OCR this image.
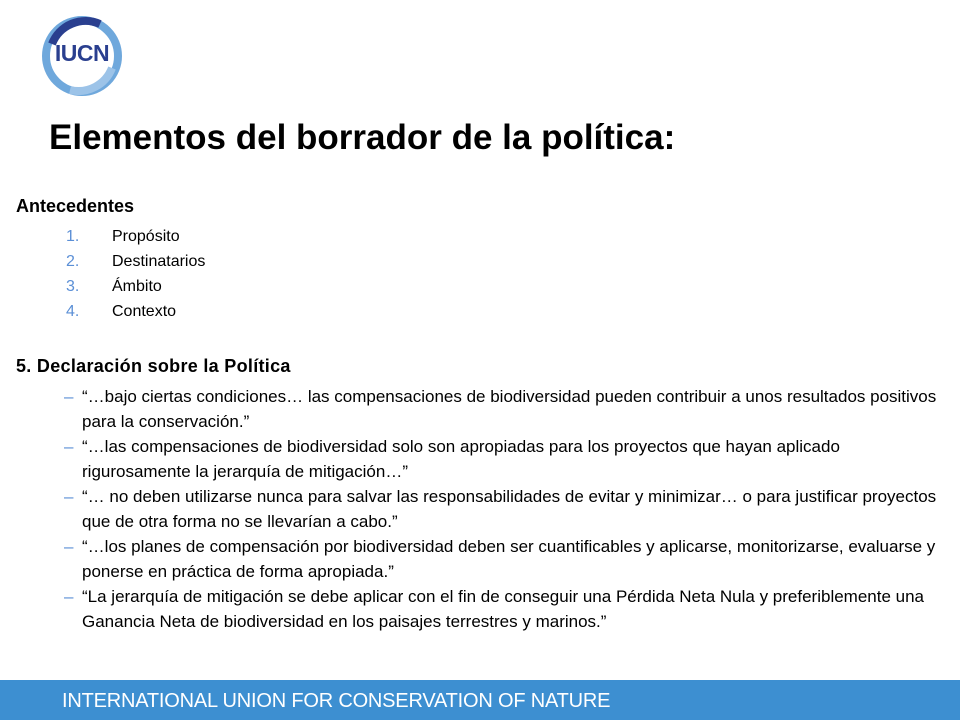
IUCN
Elementos del borrador de la política:
Antecedentes
1. Propósito
2. Destinatarios
3. Ámbito
4. Contexto
5. Declaración sobre la Política
– “…bajo ciertas condiciones… las compensaciones de biodiversidad pueden contribuir a unos resultados positivos para la conservación.”
– “…las compensaciones de biodiversidad solo son apropiadas para los proyectos que hayan aplicado rigurosamente la jerarquía de mitigación…”
– “… no deben utilizarse nunca para salvar las responsabilidades de evitar y minimizar… o para justificar proyectos que de otra forma no se llevarían a cabo.”
– “…los planes de compensación por biodiversidad deben ser cuantificables y aplicarse, monitorizarse, evaluarse y ponerse en práctica de forma apropiada.”
– “La jerarquía de mitigación se debe aplicar con el fin de conseguir una Pérdida Neta Nula y preferiblemente una Ganancia Neta de biodiversidad en los paisajes terrestres y marinos.”
INTERNATIONAL UNION FOR CONSERVATION OF NATURE
